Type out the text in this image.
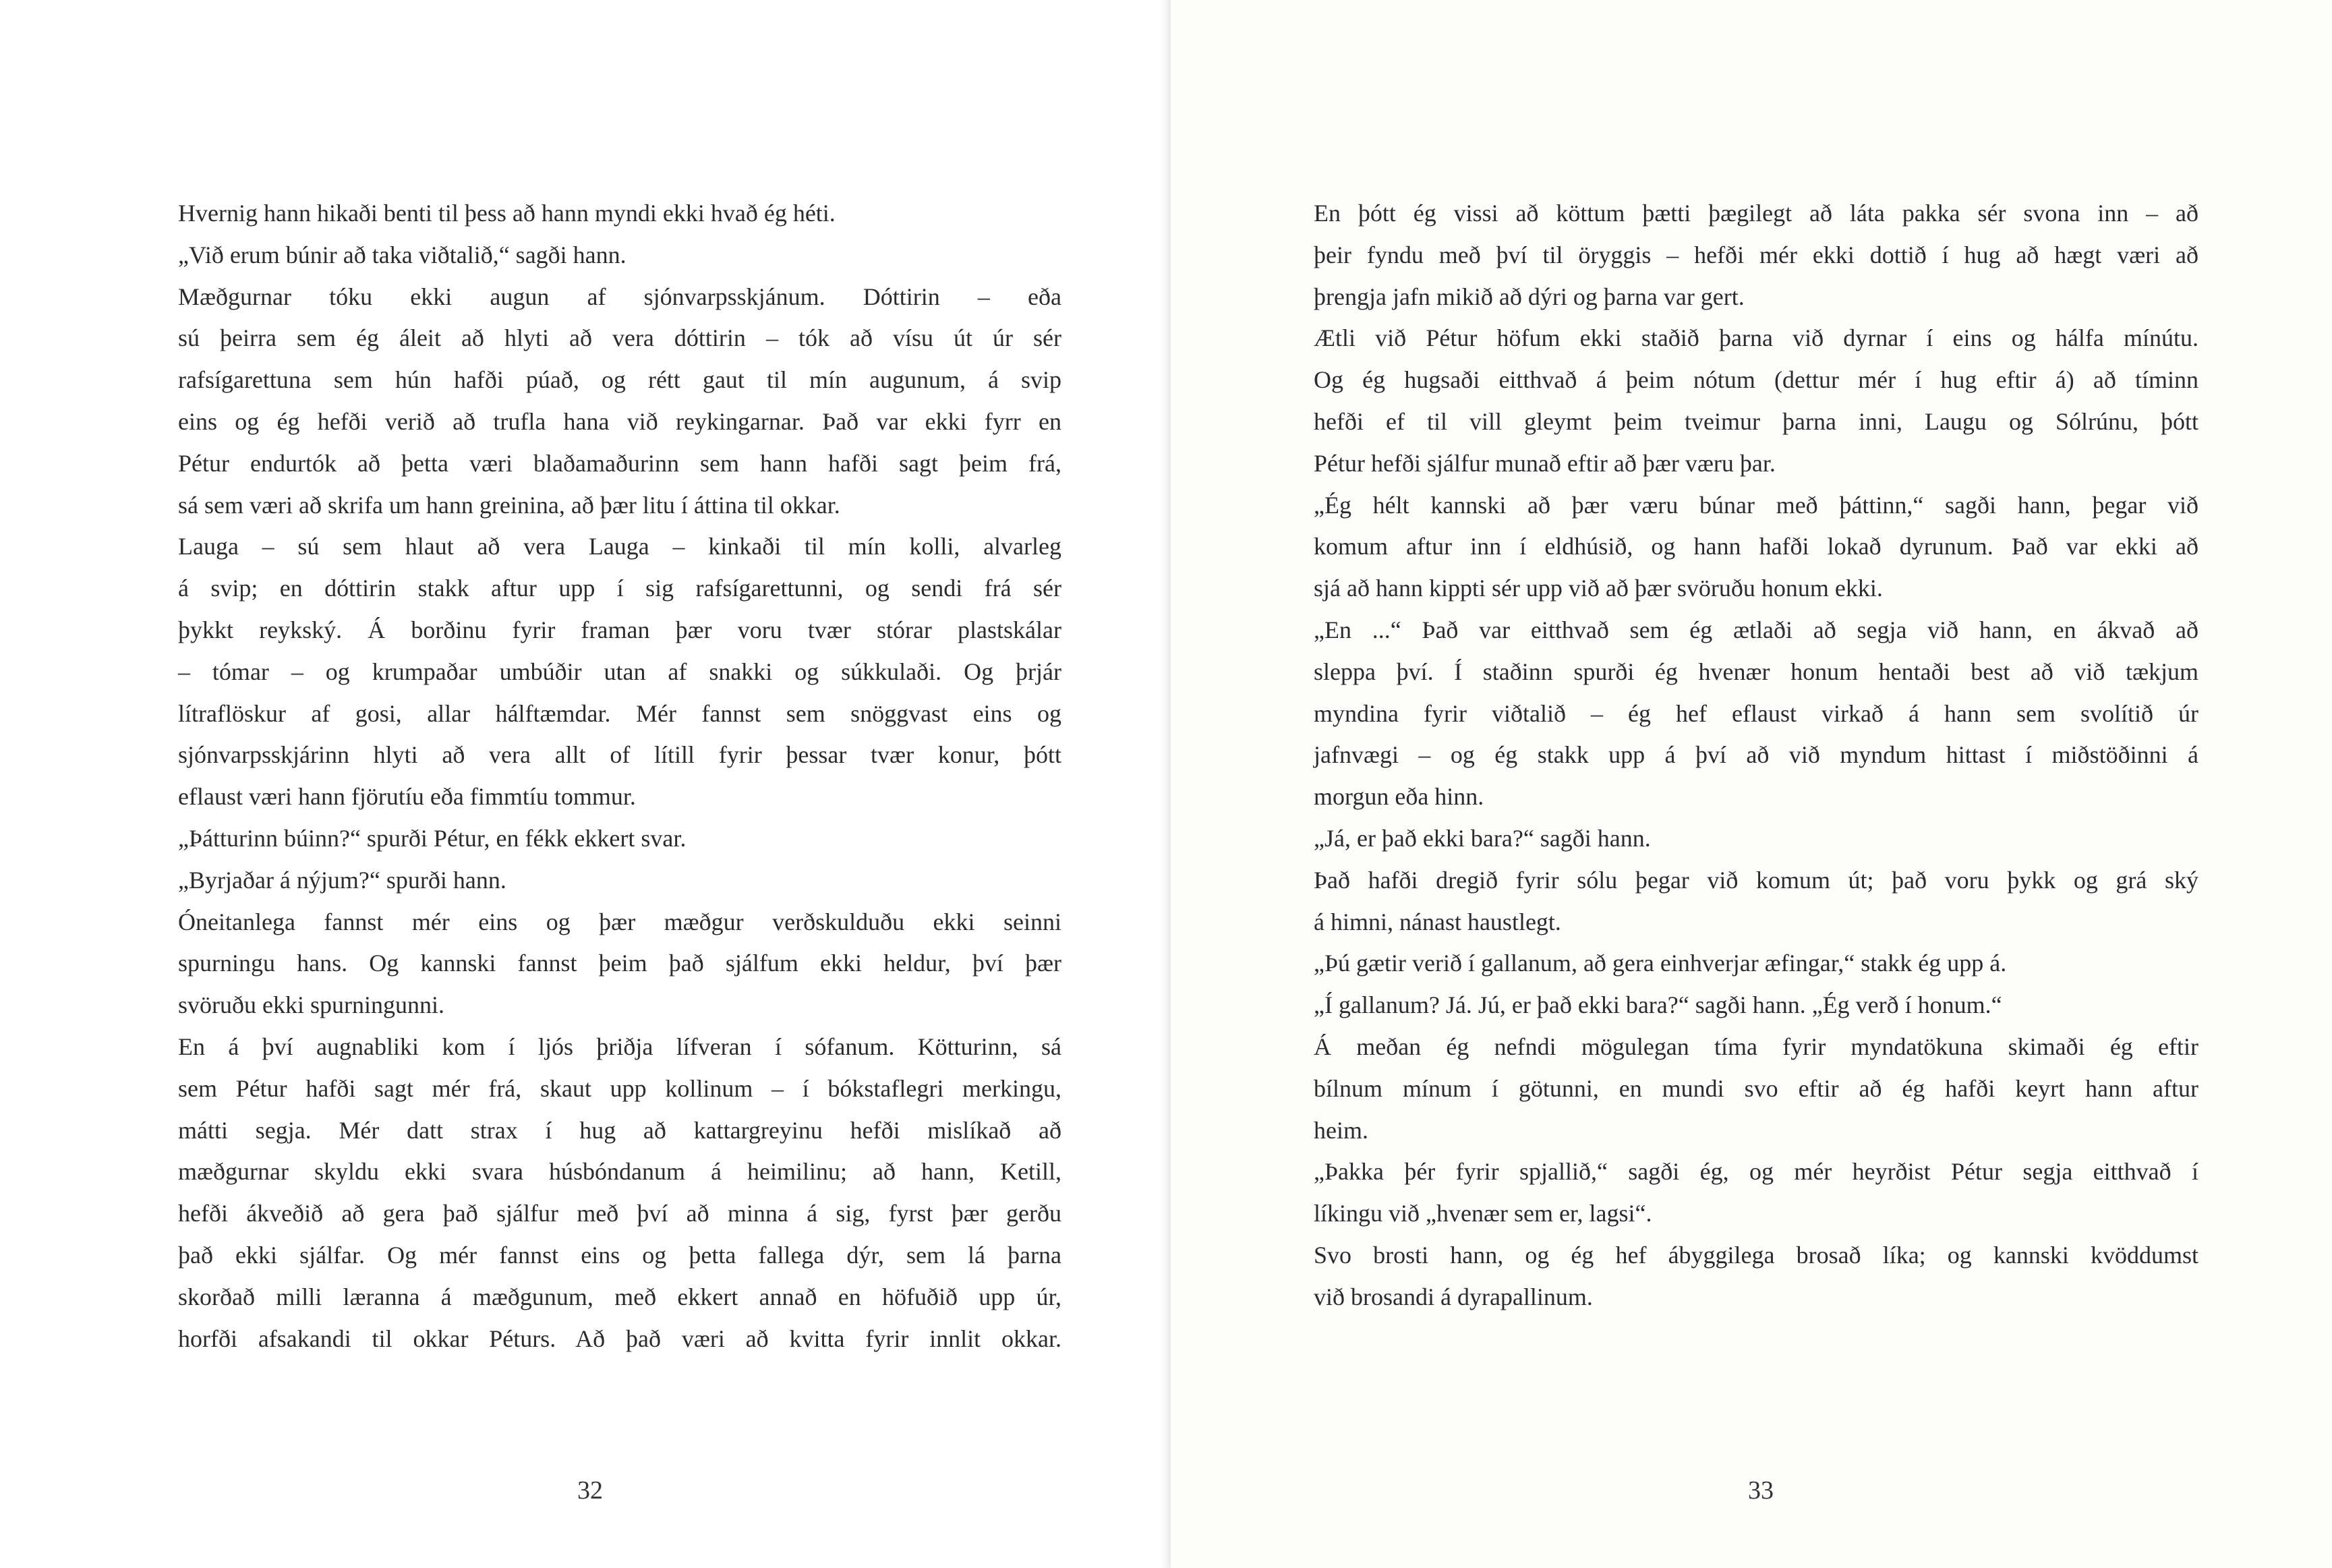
Hvernig hann hikaði benti til þess að hann myndi ekki hvað ég héti.
„Við erum búnir að taka viðtalið,“ sagði hann.
Mæðgurnar tóku ekki augun af sjónvarpsskjánum. Dóttirin – eða
sú þeirra sem ég áleit að hlyti að vera dóttirin – tók að vísu út úr sér
rafsígarettuna sem hún hafði púað, og rétt gaut til mín augunum, á svip
eins og ég hefði verið að trufla hana við reykingarnar. Það var ekki fyrr en
Pétur endurtók að þetta væri blaðamaðurinn sem hann hafði sagt þeim frá,
sá sem væri að skrifa um hann greinina, að þær litu í áttina til okkar.
Lauga – sú sem hlaut að vera Lauga – kinkaði til mín kolli, alvarleg
á svip; en dóttirin stakk aftur upp í sig rafsígarettunni, og sendi frá sér
þykkt reykský. Á borðinu fyrir framan þær voru tvær stórar plastskálar
– tómar – og krumpaðar umbúðir utan af snakki og súkkulaði. Og þrjár
lítraflöskur af gosi, allar hálftæmdar. Mér fannst sem snöggvast eins og
sjónvarpsskjárinn hlyti að vera allt of lítill fyrir þessar tvær konur, þótt
eflaust væri hann fjörutíu eða fimmtíu tommur.
„Þátturinn búinn?“ spurði Pétur, en fékk ekkert svar.
„Byrjaðar á nýjum?“ spurði hann.
Óneitanlega fannst mér eins og þær mæðgur verðskulduðu ekki seinni
spurningu hans. Og kannski fannst þeim það sjálfum ekki heldur, því þær
svöruðu ekki spurningunni.
En á því augnabliki kom í ljós þriðja lífveran í sófanum. Kötturinn, sá
sem Pétur hafði sagt mér frá, skaut upp kollinum – í bókstaflegri merkingu,
mátti segja. Mér datt strax í hug að kattargreyinu hefði mislíkað að
mæðgurnar skyldu ekki svara húsbóndanum á heimilinu; að hann, Ketill,
hefði ákveðið að gera það sjálfur með því að minna á sig, fyrst þær gerðu
það ekki sjálfar. Og mér fannst eins og þetta fallega dýr, sem lá þarna
skorðað milli læranna á mæðgunum, með ekkert annað en höfuðið upp úr,
horfði afsakandi til okkar Péturs. Að það væri að kvitta fyrir innlit okkar.
32
En þótt ég vissi að köttum þætti þægilegt að láta pakka sér svona inn – að
þeir fyndu með því til öryggis – hefði mér ekki dottið í hug að hægt væri að
þrengja jafn mikið að dýri og þarna var gert.
Ætli við Pétur höfum ekki staðið þarna við dyrnar í eins og hálfa mínútu.
Og ég hugsaði eitthvað á þeim nótum (dettur mér í hug eftir á) að tíminn
hefði ef til vill gleymt þeim tveimur þarna inni, Laugu og Sólrúnu, þótt
Pétur hefði sjálfur munað eftir að þær væru þar.
„Ég hélt kannski að þær væru búnar með þáttinn,“ sagði hann, þegar við
komum aftur inn í eldhúsið, og hann hafði lokað dyrunum. Það var ekki að
sjá að hann kippti sér upp við að þær svöruðu honum ekki.
„En ...“ Það var eitthvað sem ég ætlaði að segja við hann, en ákvað að
sleppa því. Í staðinn spurði ég hvenær honum hentaði best að við tækjum
myndina fyrir viðtalið – ég hef eflaust virkað á hann sem svolítið úr
jafnvægi – og ég stakk upp á því að við myndum hittast í miðstöðinni á
morgun eða hinn.
„Já, er það ekki bara?“ sagði hann.
Það hafði dregið fyrir sólu þegar við komum út; það voru þykk og grá ský
á himni, nánast haustlegt.
„Þú gætir verið í gallanum, að gera einhverjar æfingar,“ stakk ég upp á.
„Í gallanum? Já. Jú, er það ekki bara?“ sagði hann. „Ég verð í honum.“
Á meðan ég nefndi mögulegan tíma fyrir myndatökuna skimaði ég eftir
bílnum mínum í götunni, en mundi svo eftir að ég hafði keyrt hann aftur
heim.
„Þakka þér fyrir spjallið,“ sagði ég, og mér heyrðist Pétur segja eitthvað í
líkingu við „hvenær sem er, lagsi“.
Svo brosti hann, og ég hef ábyggilega brosað líka; og kannski kvöddumst
við brosandi á dyrapallinum.
33
